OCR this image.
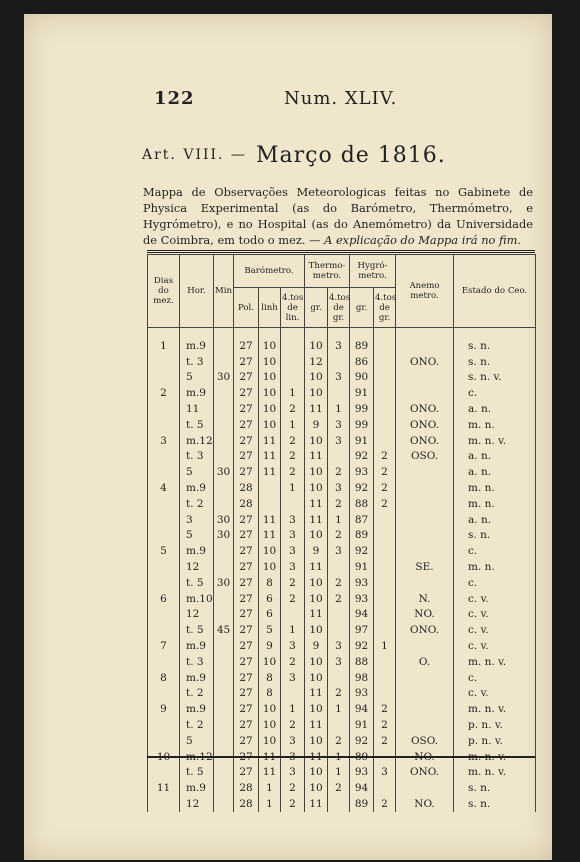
122	Num. XLIV.
Art. VIII. — Março de 1816.
Mappa de Observações Meteorologicas feitas no Gabinete de Physica Experimental (as do Barómetro, Thermómetro, e Hygrómetro), e no Hospital (as do Anemómetro) da Universidade de Coimbra, em todo o mez. — A explicação do Mappa irá no fim.
Dias do mez.	Hor.	Min	Barómetro.			Thermo-metro.		Hygró-metro.		Anemo metro.	Estado do Ceo.
			Pol.	linh	4.tos de lin.	gr.	4.tos de gr.	gr.	4.tos de gr.		
1	m.9		27	10		10	3	89			s. n.
	t. 3		27	10		12		86		ONO.	s. n.
	5	30	27	10		10	3	90			s. n. v.
2	m.9		27	10	1	10		91			c.
	11		27	10	2	11	1	99		ONO.	a. n.
	t. 5		27	10	1	9	3	99		ONO.	m. n.
3	m.12		27	11	2	10	3	91		ONO.	m. n. v.
	t. 3		27	11	2	11		92	2	OSO.	a. n.
	5	30	27	11	2	10	2	93	2		a. n.
4	m.9		28		1	10	3	92	2		m. n.
	t. 2		28			11	2	88	2		m. n.
	3	30	27	11	3	11	1	87			a. n.
	5	30	27	11	3	10	2	89			s. n.
5	m.9		27	10	3	9	3	92			c.
	12		27	10	3	11		91		SE.	m. n.
	t. 5	30	27	8	2	10	2	93			c.
6	m.10		27	6	2	10	2	93		N.	c. v.
	12		27	6		11		94		NO.	c. v.
	t. 5	45	27	5	1	10		97		ONO.	c. v.
7	m.9		27	9	3	9	3	92	1		c. v.
	t. 3		27	10	2	10	3	88		O.	m. n. v.
8	m.9		27	8	3	10		98			c.
	t. 2		27	8		11	2	93			c. v.
9	m.9		27	10	1	10	1	94	2		m. n. v.
	t. 2		27	10	2	11		91	2		p. n. v.
	5		27	10	3	10	2	92	2	OSO.	p. n. v.
10	m.12		27	11	3	11	1	89		NO.	m. n. v.
	t. 5		27	11	3	10	1	93	3	ONO.	m. n. v.
11	m.9		28	1	2	10	2	94			s. n.
	12		28	1	2	11		89	2	NO.	s. n.
